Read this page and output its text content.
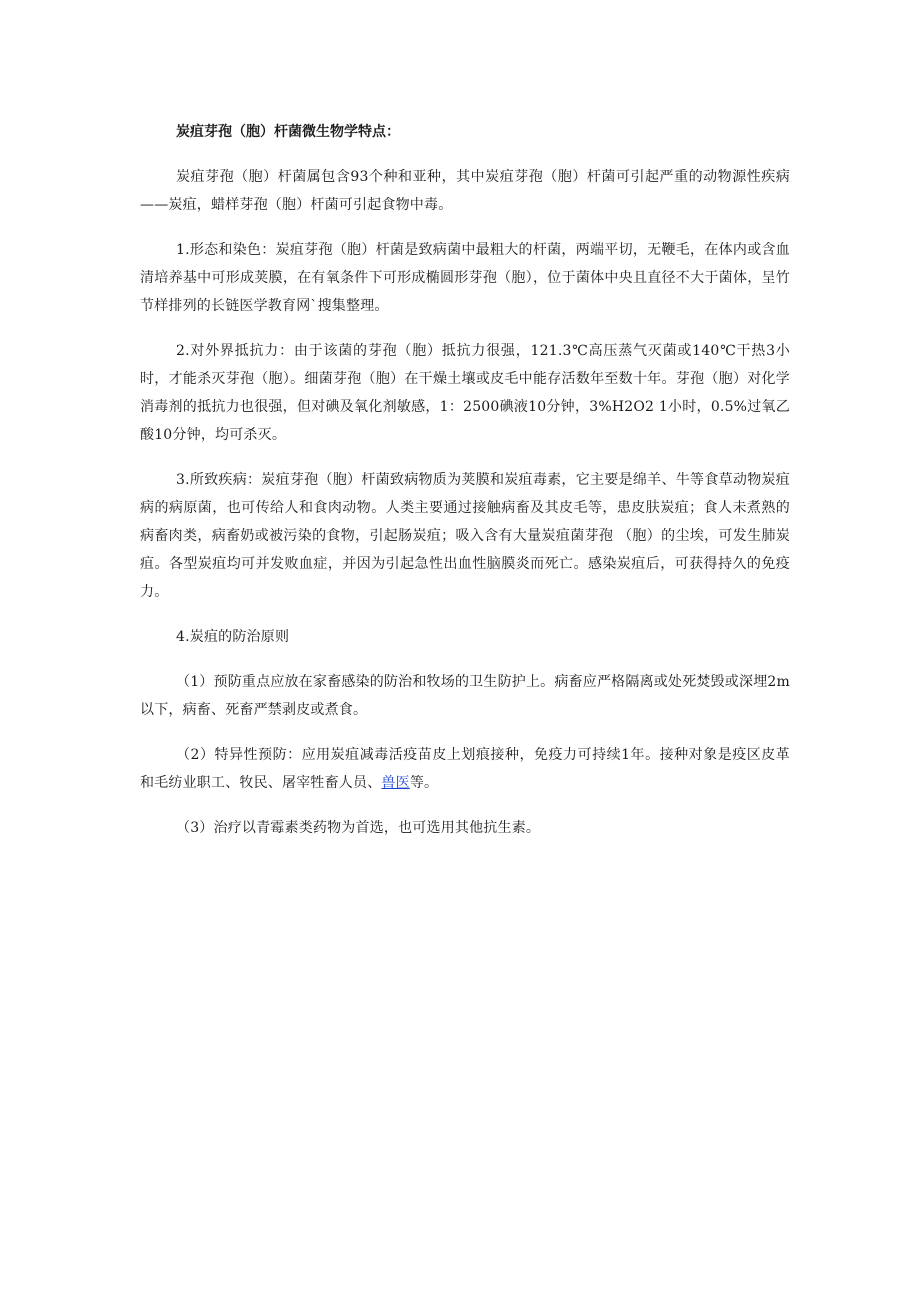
炭疽芽孢（胞）杆菌微生物学特点：

炭疽芽孢（胞）杆菌属包含93个种和亚种，其中炭疽芽孢（胞）杆菌可引起严重的动物源性疾病——炭疽，蜡样芽孢（胞）杆菌可引起食物中毒。

1.形态和染色：炭疽芽孢（胞）杆菌是致病菌中最粗大的杆菌，两端平切，无鞭毛，在体内或含血清培养基中可形成荚膜，在有氧条件下可形成椭圆形芽孢（胞），位于菌体中央且直径不大于菌体，呈竹节样排列的长链医学教育网`搜集整理。

2.对外界抵抗力：由于该菌的芽孢（胞）抵抗力很强，121.3℃高压蒸气灭菌或140℃干热3小时，才能杀灭芽孢（胞）。细菌芽孢（胞）在干燥土壤或皮毛中能存活数年至数十年。芽孢（胞）对化学消毒剂的抵抗力也很强，但对碘及氧化剂敏感，1：2500碘液10分钟，3%H2O2 1小时，0.5%过氧乙酸10分钟，均可杀灭。

3.所致疾病：炭疽芽孢（胞）杆菌致病物质为荚膜和炭疽毒素，它主要是绵羊、牛等食草动物炭疽病的病原菌，也可传给人和食肉动物。人类主要通过接触病畜及其皮毛等，患皮肤炭疽；食人未煮熟的病畜肉类，病畜奶或被污染的食物，引起肠炭疽；吸入含有大量炭疽菌芽孢 （胞）的尘埃，可发生肺炭疽。各型炭疽均可并发败血症，并因为引起急性出血性脑膜炎而死亡。感染炭疽后，可获得持久的免疫力。

4.炭疽的防治原则

（1）预防重点应放在家畜感染的防治和牧场的卫生防护上。病畜应严格隔离或处死焚毁或深埋2m以下，病畜、死畜严禁剥皮或煮食。

（2）特异性预防：应用炭疽减毒活疫苗皮上划痕接种，免疫力可持续1年。接种对象是疫区皮革和毛纺业职工、牧民、屠宰牲畜人员、兽医等。

（3）治疗以青霉素类药物为首选，也可选用其他抗生素。
